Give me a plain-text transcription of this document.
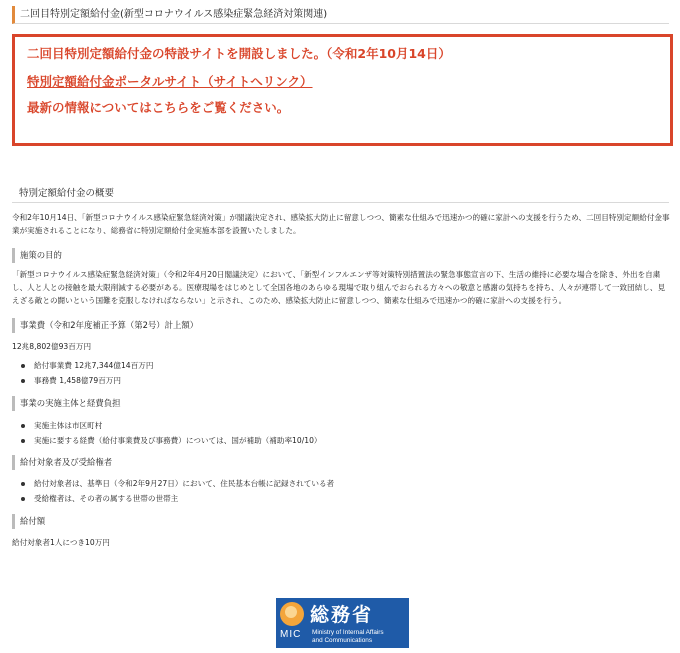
二回目特別定額給付金(新型コロナウイルス感染症緊急経済対策関連)
二回目特別定額給付金の特設サイトを開設しました。（令和2年10月14日）
特別定額給付金ポータルサイト（サイトへリンク）
最新の情報についてはこちらをご覧ください。
特別定額給付金の概要
令和2年10月14日、「新型コロナウイルス感染症緊急経済対策」が閣議決定され、感染拡大防止に留意しつつ、簡素な仕組みで迅速かつ的確に家計への支援を行うため、二回目特別定額給付金事業が実施されることになり、総務省に特別定額給付金実施本部を設置いたしました。
施策の目的
「新型コロナウイルス感染症緊急経済対策」（令和2年4月20日閣議決定）において、「新型インフルエンザ等対策特別措置法の緊急事態宣言の下、生活の維持に必要な場合を除き、外出を自粛し、人と人との接触を最大限削減する必要がある。医療現場をはじめとして全国各地のあらゆる現場で取り組んでおられる方々への敬意と感謝の気持ちを持ち、人々が連帯して一致団結し、見えざる敵との闘いという国難を克服しなければならない」と示され、このため、感染拡大防止に留意しつつ、簡素な仕組みで迅速かつ的確に家計への支援を行う。
事業費（令和2年度補正予算（第2号）計上額）
12兆8,802億93百万円
給付事業費 12兆7,344億14百万円
事務費 1,458億79百万円
事業の実施主体と経費負担
実施主体は市区町村
実施に要する経費（給付事業費及び事務費）については、国が補助（補助率10/10）
給付対象者及び受給権者
給付対象者は、基準日（令和2年9月27日）において、住民基本台帳に記録されている者
受給権者は、その者の属する世帯の世帯主
給付額
給付対象者1人につき10万円
総務省
MIC Ministry of Internal Affairs
and Communications
